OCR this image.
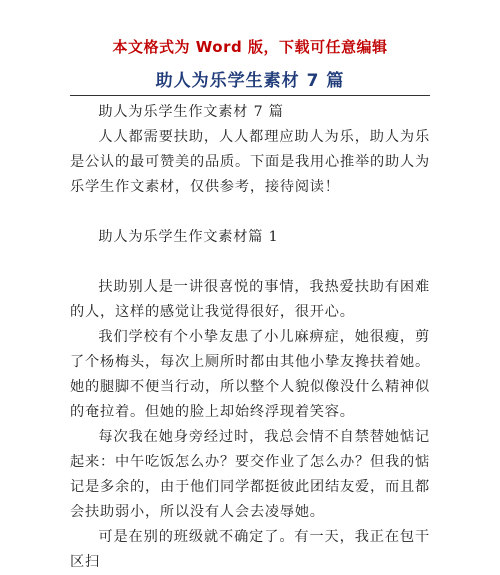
本文格式为 Word 版，下载可任意编辑
助人为乐学生素材 7 篇

助人为乐学生作文素材 7 篇

人人都需要扶助，人人都理应助人为乐，助人为乐是公认的最可赞美的品质。下面是我用心推举的助人为乐学生作文素材，仅供参考，接待阅读！

助人为乐学生作文素材篇 1

扶助别人是一讲很喜悦的事情，我热爱扶助有困难的人，这样的感觉让我觉得很好，很开心。

我们学校有个小挚友患了小儿麻痹症，她很瘦，剪了个杨梅头，每次上厕所时都由其他小挚友搀扶着她。她的腿脚不便当行动，所以整个人貌似像没什么精神似的奄拉着。但她的脸上却始终浮现着笑容。

每次我在她身旁经过时，我总会情不自禁替她惦记起来：中午吃饭怎么办？要交作业了怎么办？但我的惦记是多余的，由于他们同学都挺彼此团结友爱，而且都会扶助弱小，所以没有人会去凌辱她。

可是在别的班级就不确定了。有一天，我正在包干区扫
